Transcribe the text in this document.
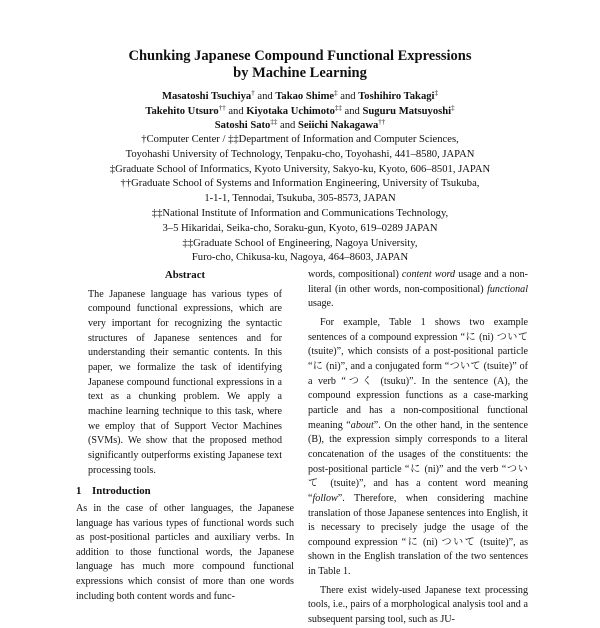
Chunking Japanese Compound Functional Expressions
by Machine Learning
Masatoshi Tsuchiya† and Takao Shime‡ and Toshihiro Takagi‡
Takehito Utsuro†† and Kiyotaka Uchimoto‡‡ and Suguru Matsuyoshi‡
Satoshi Sato‡‡ and Seiichi Nakagawa††
†Computer Center / ‡‡Department of Information and Computer Sciences,
Toyohashi University of Technology, Tenpaku-cho, Toyohashi, 441–8580, JAPAN
‡Graduate School of Informatics, Kyoto University, Sakyo-ku, Kyoto, 606–8501, JAPAN
††Graduate School of Systems and Information Engineering, University of Tsukuba,
1-1-1, Tennodai, Tsukuba, 305-8573, JAPAN
‡‡National Institute of Information and Communications Technology,
3–5 Hikaridai, Seika-cho, Soraku-gun, Kyoto, 619–0289 JAPAN
‡‡Graduate School of Engineering, Nagoya University,
Furo-cho, Chikusa-ku, Nagoya, 464–8603, JAPAN
Abstract

The Japanese language has various types of compound functional expressions, which are very important for recognizing the syntactic structures of Japanese sentences and for understanding their semantic contents. In this paper, we formalize the task of identifying Japanese compound functional expressions in a text as a chunking problem. We apply a machine learning technique to this task, where we employ that of Support Vector Machines (SVMs). We show that the proposed method significantly outperforms existing Japanese text processing tools.

1 Introduction

As in the case of other languages, the Japanese language has various types of functional words such as post-positional particles and auxiliary verbs. In addition to those functional words, the Japanese language has much more compound functional expressions which consist of more than one words including both content words and func-

words, compositional) content word usage and a non-literal (in other words, non-compositional) functional usage.

For example, Table 1 shows two example sentences of a compound expression “に (ni) ついて (tsuite)”, which consists of a post-positional particle “に (ni)”, and a conjugated form “ついて (tsuite)” of a verb “つく (tsuku)”. In the sentence (A), the compound expression functions as a case-marking particle and has a non-compositional functional meaning “about”. On the other hand, in the sentence (B), the expression simply corresponds to a literal concatenation of the usages of the constituents: the post-positional particle “に (ni)” and the verb “ついて (tsuite)”, and has a content word meaning “follow”. Therefore, when considering machine translation of those Japanese sentences into English, it is necessary to precisely judge the usage of the compound expression “に (ni) ついて (tsuite)”, as shown in the English translation of the two sentences in Table 1.

There exist widely-used Japanese text processing tools, i.e., pairs of a morphological analysis tool and a subsequent parsing tool, such as JU-
